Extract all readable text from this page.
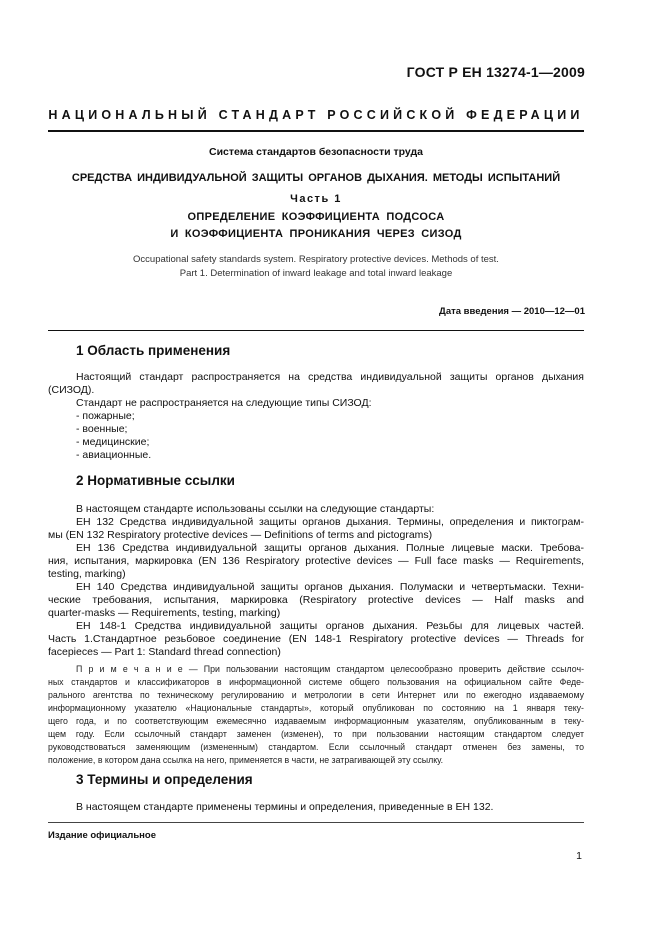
ГОСТ Р ЕН 13274-1—2009
НАЦИОНАЛЬНЫЙ СТАНДАРТ РОССИЙСКОЙ ФЕДЕРАЦИИ
Система стандартов безопасности труда
СРЕДСТВА ИНДИВИДУАЛЬНОЙ ЗАЩИТЫ ОРГАНОВ ДЫХАНИЯ. МЕТОДЫ ИСПЫТАНИЙ
Часть 1
ОПРЕДЕЛЕНИЕ КОЭФФИЦИЕНТА ПОДСОСА
И КОЭФФИЦИЕНТА ПРОНИКАНИЯ ЧЕРЕЗ СИЗОД
Occupational safety standards system. Respiratory protective devices. Methods of test.
Part 1. Determination of inward leakage and total inward leakage
Дата введения — 2010—12—01
1 Область применения
Настоящий стандарт распространяется на средства индивидуальной защиты органов дыхания
(СИЗОД).
Стандарт не распространяется на следующие типы СИЗОД:
- пожарные;
- военные;
- медицинские;
- авиационные.
2 Нормативные ссылки
В настоящем стандарте использованы ссылки на следующие стандарты:
ЕН 132 Средства индивидуальной защиты органов дыхания. Термины, определения и пиктограм-
мы (EN 132 Respiratory protective devices — Definitions of terms and pictograms)
ЕН 136 Средства индивидуальной защиты органов дыхания. Полные лицевые маски. Требова-
ния, испытания, маркировка (EN 136 Respiratory protective devices — Full face masks — Requirements,
testing, marking)
ЕН 140 Средства индивидуальной защиты органов дыхания. Полумаски и четвертьмаски. Техни-
ческие требования, испытания, маркировка (Respiratory protective devices — Half masks and
quarter-masks — Requirements, testing, marking)
ЕН 148-1 Средства индивидуальной защиты органов дыхания. Резьбы для лицевых частей.
Часть 1.Стандартное резьбовое соединение (EN 148-1 Respiratory protective devices — Threads for
facepieces — Part 1: Standard thread connection)
П р и м е ч а н и е — При пользовании настоящим стандартом целесообразно проверить действие ссылоч-
ных стандартов и классификаторов в информационной системе общего пользования на официальном сайте Феде-
рального агентства по техническому регулированию и метрологии в сети Интернет или по ежегодно издаваемому
информационному указателю «Национальные стандарты», который опубликован по состоянию на 1 января теку-
щего года, и по соответствующим ежемесячно издаваемым информационным указателям, опубликованным в теку-
щем году. Если ссылочный стандарт заменен (изменен), то при пользовании настоящим стандартом следует
руководствоваться заменяющим (измененным) стандартом. Если ссылочный стандарт отменен без замены, то
положение, в котором дана ссылка на него, применяется в части, не затрагивающей эту ссылку.
3 Термины и определения
В настоящем стандарте применены термины и определения, приведенные в ЕН 132.
Издание официальное
1
